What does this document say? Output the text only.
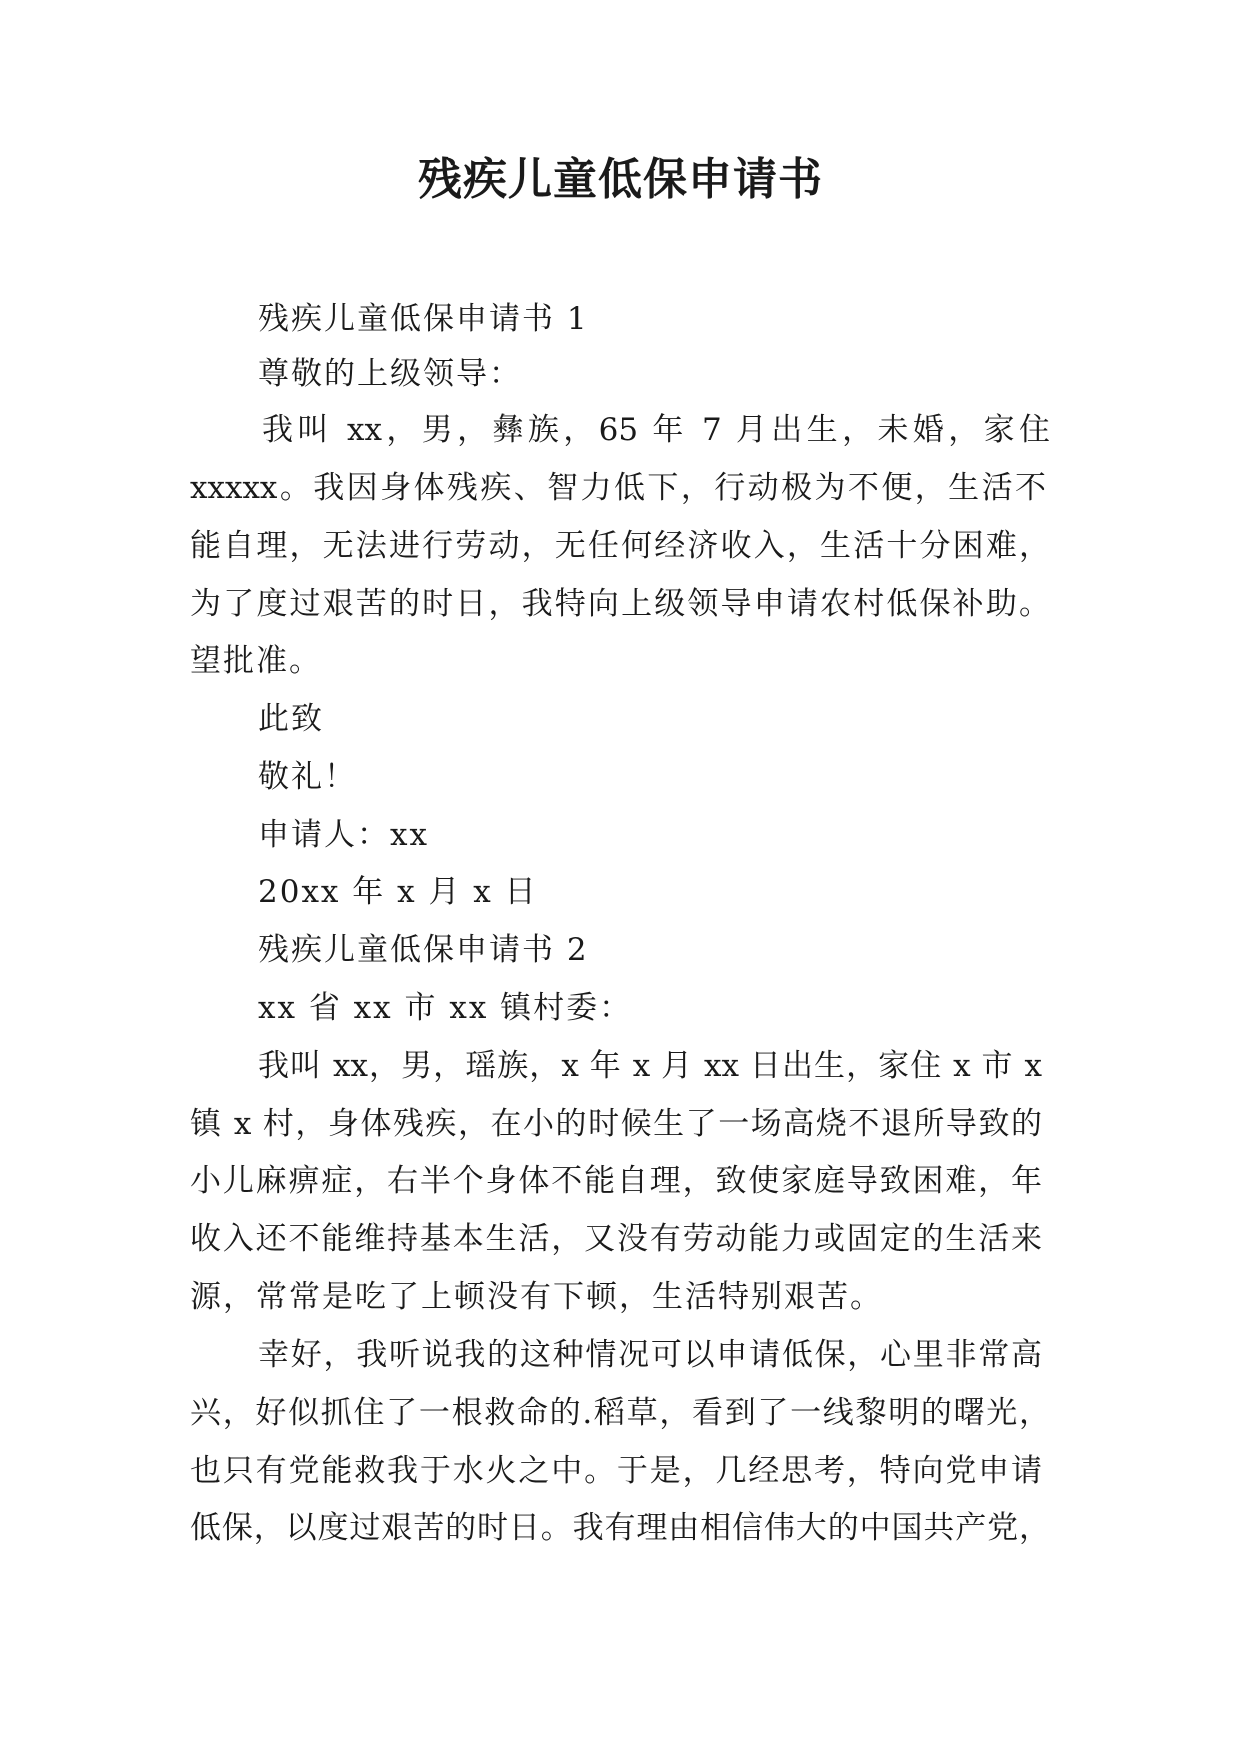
残疾儿童低保申请书
残疾儿童低保申请书 1
尊敬的上级领导：
我叫 xx，男，彝族，65 年 7 月出生，未婚，家住
xxxxx。我因身体残疾、智力低下，行动极为不便，生活不
能自理，无法进行劳动，无任何经济收入，生活十分困难，
为了度过艰苦的时日，我特向上级领导申请农村低保补助。
望批准。
此致
敬礼！
申请人：xx
20xx 年 x 月 x 日
残疾儿童低保申请书 2
xx 省 xx 市 xx 镇村委：
我叫 xx，男，瑶族，x 年 x 月 xx 日出生，家住 x 市 x
镇 x 村，身体残疾，在小的时候生了一场高烧不退所导致的
小儿麻痹症，右半个身体不能自理，致使家庭导致困难，年
收入还不能维持基本生活，又没有劳动能力或固定的生活来
源，常常是吃了上顿没有下顿，生活特别艰苦。
幸好，我听说我的这种情况可以申请低保，心里非常高
兴，好似抓住了一根救命的.稻草，看到了一线黎明的曙光，
也只有党能救我于水火之中。于是，几经思考，特向党申请
低保，以度过艰苦的时日。我有理由相信伟大的中国共产党，
